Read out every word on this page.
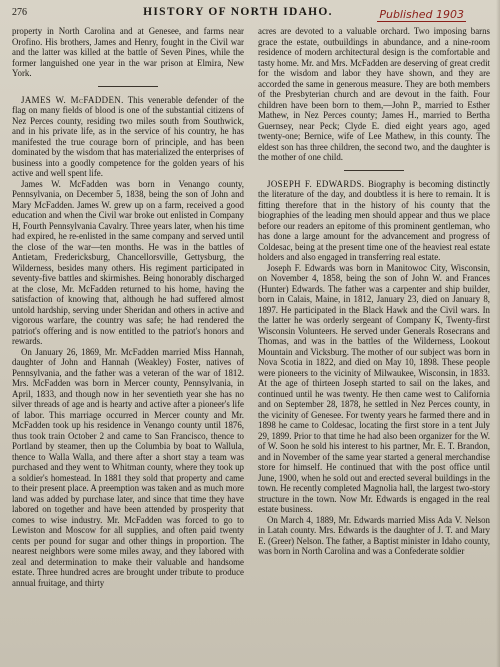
276	HISTORY OF NORTH IDAHO.	Published 1903

property in North Carolina and at Genesee, and farms near Orofino. His brothers, James and Henry, fought in the Civil war and the latter was killed at the battle of Seven Pines, while the former languished one year in the war prison at Elmira, New York.

JAMES W. McFADDEN. This venerable defender of the flag on many fields of blood is one of the substantial citizens of Nez Perces county, residing two miles south from Southwick, and in his private life, as in the service of his country, he has manifested the true courage born of principle, and has been dominated by the wisdom that has materialized the enterprises of business into a goodly competence for the golden years of his active and well spent life.

James W. McFadden was born in Venango county, Pennsylvania, on December 5, 1838, being the son of John and Mary McFadden. James W. grew up on a farm, received a good education and when the Civil war broke out enlisted in Company H, Fourth Pennsylvania Cavalry. Three years later, when his time had expired, he re-enlisted in the same company and served until the close of the war—ten months. He was in the battles of Antietam, Fredericksburg, Chancellorsville, Gettysburg, the Wilderness, besides many others. His regiment participated in seventy-five battles and skirmishes. Being honorably discharged at the close, Mr. McFadden returned to his home, having the satisfaction of knowing that, although he had suffered almost untold hardship, serving under Sheridan and others in active and vigorous warfare, the country was safe; he had rendered the patriot's offering and is now entitled to the patriot's honors and rewards.

On January 26, 1869, Mr. McFadden married Miss Hannah, daughter of John and Hannah (Weakley) Foster, natives of Pennsylvania, and the father was a veteran of the war of 1812. Mrs. McFadden was born in Mercer county, Pennsylvania, in April, 1833, and though now in her seventieth year she has no silver threads of age and is hearty and active after a pioneer's life of labor. This marriage occurred in Mercer county and Mr. McFadden took up his residence in Venango county until 1876, thus took train October 2 and came to San Francisco, thence to Portland by steamer, then up the Columbia by boat to Wallula, thence to Walla Walla, and there after a short stay a team was purchased and they went to Whitman county, where they took up a soldier's homestead. In 1881 they sold that property and came to their present place. A preemption was taken and as much more land was added by purchase later, and since that time they have labored on together and have been attended by prosperity that comes to wise industry. Mr. McFadden was forced to go to Lewiston and Moscow for all supplies, and often paid twenty cents per pound for sugar and other things in proportion. The nearest neighbors were some miles away, and they labored with zeal and determination to make their valuable and handsome estate. Three hundred acres are brought under tribute to produce annual fruitage, and thirty

acres are devoted to a valuable orchard. Two imposing barns grace the estate, outbuildings in abundance, and a nine-room residence of modern architectural design is the comfortable and tasty home. Mr. and Mrs. McFadden are deserving of great credit for the wisdom and labor they have shown, and they are accorded the same in generous measure. They are both members of the Presbyterian church and are devout in the faith. Four children have been born to them,—John P., married to Esther Mathew, in Nez Perces county; James H., married to Bertha Guernsey, near Peck; Clyde E. died eight years ago, aged twenty-one; Bernice, wife of Lee Mathew, in this county. The eldest son has three children, the second two, and the daughter is the mother of one child.

JOSEPH F. EDWARDS. Biography is becoming distinctly the literature of the day, and doubtless it is here to remain. It is fitting therefore that in the history of his county that the biographies of the leading men should appear and thus we place before our readers an epitome of this prominent gentleman, who has done a large amount for the advancement and progress of Coldesac, being at the present time one of the heaviest real estate holders and also engaged in transferring real estate.

Joseph F. Edwards was born in Manitowoc City, Wisconsin, on November 4, 1858, being the son of John W. and Frances (Hunter) Edwards. The father was a carpenter and ship builder, born in Calais, Maine, in 1812, January 23, died on January 8, 1897. He participated in the Black Hawk and the Civil wars. In the latter he was orderly sergeant of Company K, Twenty-first Wisconsin Volunteers. He served under Generals Rosecrans and Thomas, and was in the battles of the Wilderness, Lookout Mountain and Vicksburg. The mother of our subject was born in Nova Scotia in 1822, and died on May 10, 1898. These people were pioneers to the vicinity of Milwaukee, Wisconsin, in 1833. At the age of thirteen Joseph started to sail on the lakes, and continued until he was twenty. He then came west to California and on September 28, 1878, he settled in Nez Perces county, in the vicinity of Genesee. For twenty years he farmed there and in 1898 he came to Coldesac, locating the first store in a tent July 29, 1899. Prior to that time he had also been organizer for the W. of W. Soon he sold his interest to his partner, Mr. E. T. Brandon, and in November of the same year started a general merchandise store for himself. He continued that with the post office until June, 1900, when he sold out and erected several buildings in the town. He recently completed Magnolia hall, the largest two-story structure in the town. Now Mr. Edwards is engaged in the real estate business.

On March 4, 1889, Mr. Edwards married Miss Ada V. Nelson in Latah county. Mrs. Edwards is the daughter of J. T. and Mary E. (Greer) Nelson. The father, a Baptist minister in Idaho county, was born in North Carolina and was a Confederate soldier
